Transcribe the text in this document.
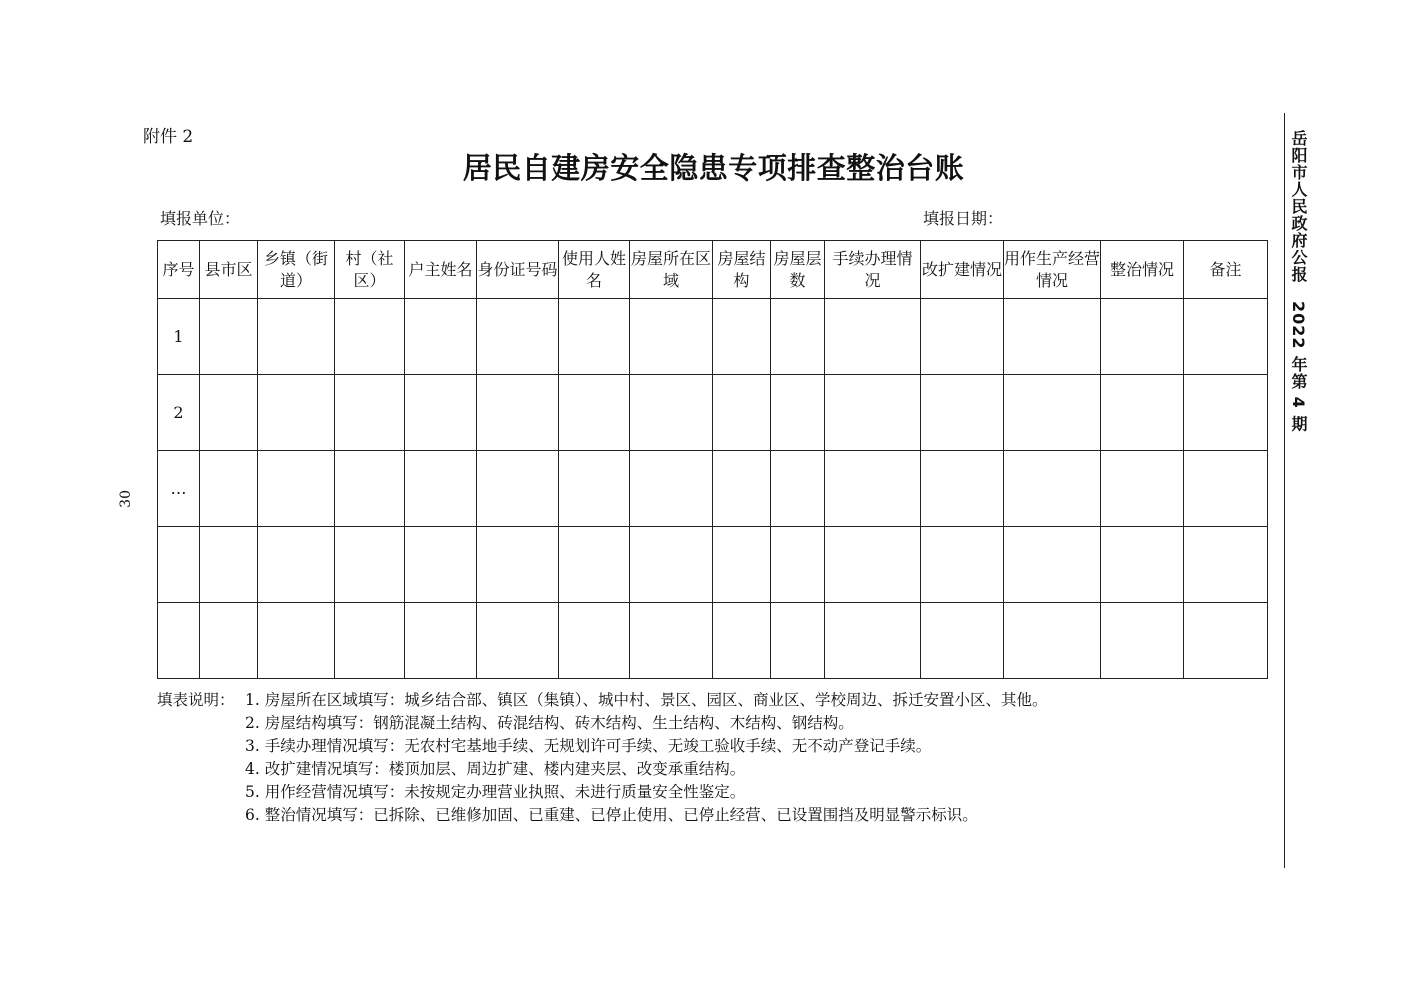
附件 2
居民自建房安全隐患专项排查整治台账
填报单位：	填报日期：
序号	县市区	乡镇（街道）	村（社区）	户主姓名	身份证号码	使用人姓名	房屋所在区域	房屋结构	房屋层数	手续办理情况	改扩建情况	用作生产经营情况	整治情况	备注
1														
2														
…														

填表说明： 1. 房屋所在区域填写：城乡结合部、镇区（集镇）、城中村、景区、园区、商业区、学校周边、拆迁安置小区、其他。
2. 房屋结构填写：钢筋混凝土结构、砖混结构、砖木结构、生土结构、木结构、钢结构。
3. 手续办理情况填写：无农村宅基地手续、无规划许可手续、无竣工验收手续、无不动产登记手续。
4. 改扩建情况填写：楼顶加层、周边扩建、楼内建夹层、改变承重结构。
5. 用作经营情况填写：未按规定办理营业执照、未进行质量安全性鉴定。
6. 整治情况填写：已拆除、已维修加固、已重建、已停止使用、已停止经营、已设置围挡及明显警示标识。
30
岳阳市人民政府公报2022 年第 4 期
